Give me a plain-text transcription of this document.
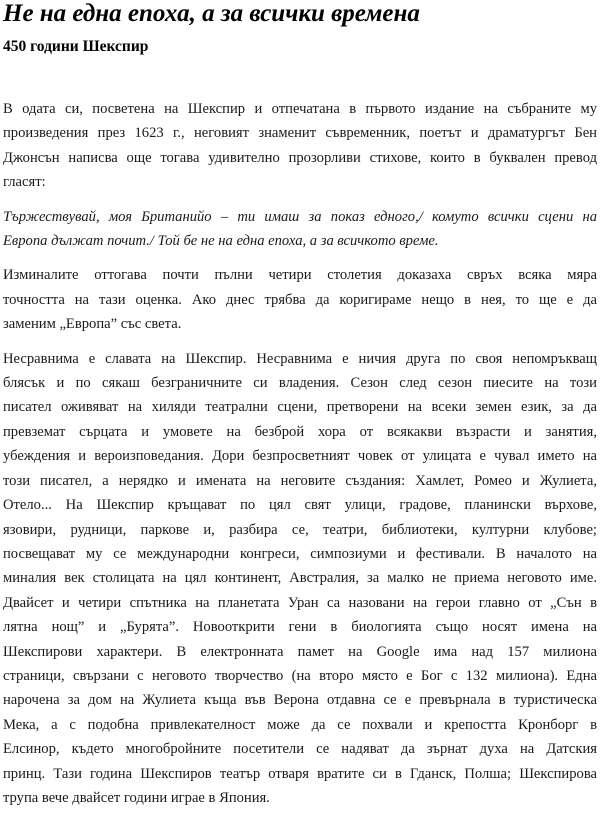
Не на една епоха, а за всички времена
450 години Шекспир

В одата си, посветена на Шекспир и отпечатана в първото издание на събраните му
произведения през 1623 г., неговият знаменит съвременник, поетът и драматургът Бен
Джонсън написва още тогава удивително прозорливи стихове, които в буквален превод
гласят:

Тържествувай, моя Британийо – ти имаш за показ едного,/ комуто всички сцени на
Европа дължат почит./ Той бе не на една епоха, а за всичкото време.

Изминалите оттогава почти пълни четири столетия доказаха свръх всяка мяра
точността на тази оценка. Ако днес трябва да коригираме нещо в нея, то ще е да
заменим „Европа” със света.

Несравнима е славата на Шекспир. Несравнима е ничия друга по своя непомръкващ
блясък и по сякаш безграничните си владения. Сезон след сезон пиесите на този
писател оживяват на хиляди театрални сцени, претворени на всеки земен език, за да
превземат сърцата и умовете на безброй хора от всякакви възрасти и занятия,
убеждения и вероизповедания. Дори безпросветният човек от улицата е чувал името на
този писател, а нерядко и имената на неговите създания: Хамлет, Ромео и Жулиета,
Отело... На Шекспир кръщават по цял свят улици, градове, планински върхове,
язовири, рудници, паркове и, разбира се, театри, библиотеки, културни клубове;
посвещават му се международни конгреси, симпозиуми и фестивали. В началото на
миналия век столицата на цял континент, Австралия, за малко не приема неговото име.
Двайсет и четири спътника на планетата Уран са назовани на герои главно от „Сън в
лятна нощ” и „Бурята”. Новооткрити гени в биологията също носят имена на
Шекспирови характери. В електронната памет на Google има над 157 милиона
страници, свързани с неговото творчество (на второ място е Бог с 132 милиона). Една
нарочена за дом на Жулиета къща във Верона отдавна се е превърнала в туристическа
Мека, а с подобна привлекателност може да се похвали и крепостта Кронборг в
Елсинор, където многобройните посетители се надяват да зърнат духа на Датския
принц. Тази година Шекспиров театър отваря вратите си в Гданск, Полша; Шекспирова
трупа вече двайсет години играе в Япония.
